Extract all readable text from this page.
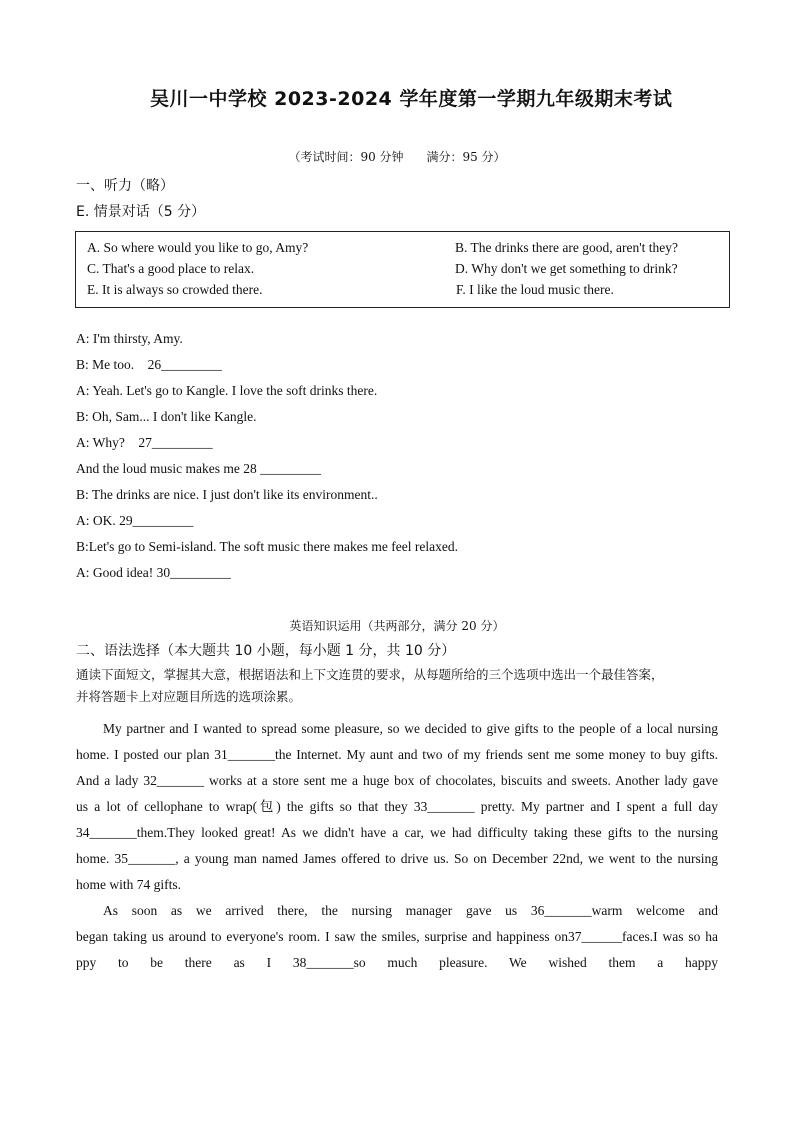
吴川一中学校 2023-2024 学年度第一学期九年级期末考试
（考试时间：90 分钟      满分：95 分）
一、听力（略）
E. 情景对话（5 分）
A. So where would you like to go, Amy?	B. The drinks there are good, aren't they?
C. That's a good place to relax.	D. Why don't we get something to drink?
E. It is always so crowded there.	F. I like the loud music there.
A: I'm thirsty, Amy.
B: Me too.    26_________
A: Yeah. Let's go to Kangle. I love the soft drinks there.
B: Oh, Sam... I don't like Kangle.
A: Why?    27_________
And the loud music makes me 28 _________
B: The drinks are nice. I just don't like its environment..
A: OK. 29_________
B:Let's go to Semi-island. The soft music there makes me feel relaxed.
A: Good idea! 30_________
英语知识运用（共两部分，满分 20 分）
二、语法选择（本大题共 10 小题，每小题 1 分，共 10 分）
通读下面短文，掌握其大意，根据语法和上下文连贯的要求，从每题所给的三个选项中选出一个最佳答案，
并将答题卡上对应题目所选的选项涂累。
My partner and I wanted to spread some pleasure, so we decided to give gifts to the people of a local nursing
home. I posted our plan 31_______the Internet. My aunt and two of my friends sent me some money to buy gifts.
And a lady 32_______ works at a store sent me a huge box of chocolates, biscuits and sweets. Another lady gave
us a lot of cellophane to wrap(包) the gifts so that they 33_______ pretty. My partner and I spent a full day
34_______them.They looked great! As we didn't have a car, we had difficulty taking these gifts to the nursing
home. 35_______, a young man named James offered to drive us. So on December 22nd, we went to the nursing
home with 74 gifts.
As soon as we arrived there, the nursing manager gave us 36_______warm welcome and
began taking us around to everyone's room. I saw the smiles, surprise and happiness on37______faces.I was so ha
ppy to be there as I 38_______so much pleasure. We wished them a happy
